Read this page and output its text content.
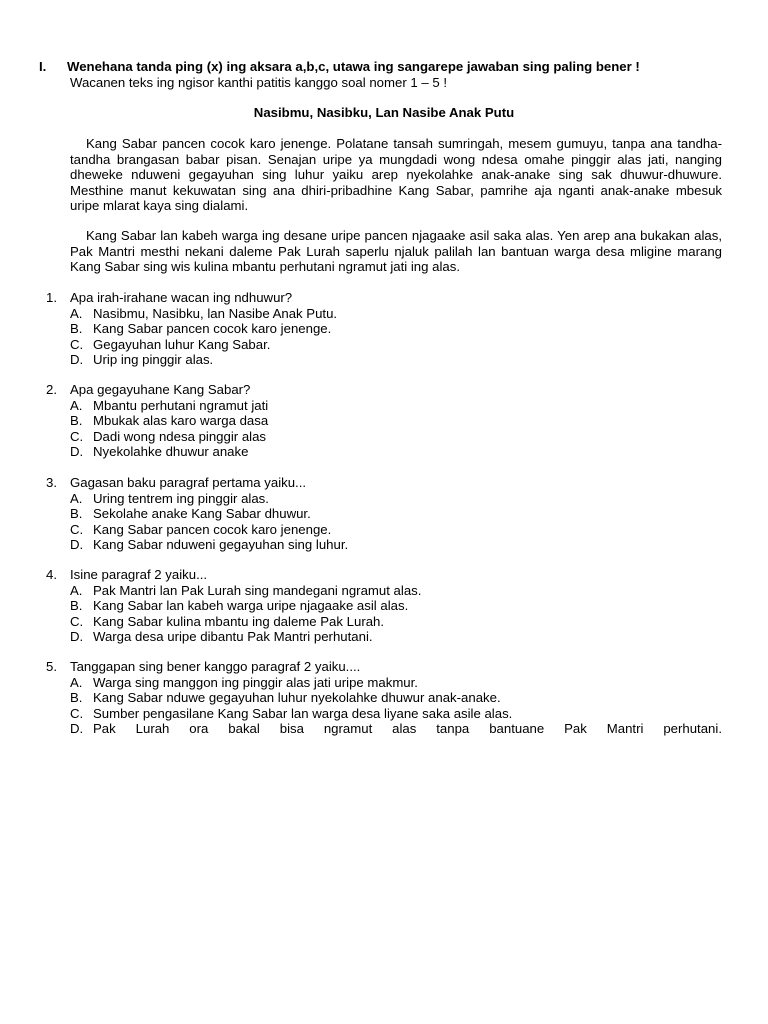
I. Wenehana tanda ping (x) ing aksara a,b,c, utawa ing sangarepe jawaban sing paling bener !
Wacanen teks ing ngisor kanthi patitis kanggo soal nomer 1 – 5 !
Nasibmu, Nasibku, Lan Nasibe Anak Putu

Kang Sabar pancen cocok karo jenenge. Polatane tansah sumringah, mesem gumuyu, tanpa ana tandha-tandha brangasan babar pisan. Senajan uripe ya mungdadi wong ndesa omahe pinggir alas jati, nanging dheweke nduweni gegayuhan sing luhur yaiku arep nyekolahke anak-anake sing sak dhuwur-dhuwure. Mesthine manut kekuwatan sing ana dhiri-pribadhine Kang Sabar, pamrihe aja nganti anak-anake mbesuk uripe mlarat kaya sing dialami.

Kang Sabar lan kabeh warga ing desane uripe pancen njagaake asil saka alas. Yen arep ana bukakan alas, Pak Mantri mesthi nekani daleme Pak Lurah saperlu njaluk palilah lan bantuan warga desa mligine marang Kang Sabar sing wis kulina mbantu perhutani ngramut jati ing alas.

1. Apa irah-irahane wacan ing ndhuwur?
A. Nasibmu, Nasibku, lan Nasibe Anak Putu.
B. Kang Sabar pancen cocok karo jenenge.
C. Gegayuhan luhur Kang Sabar.
D. Urip ing pinggir alas.
2. Apa gegayuhane Kang Sabar?
A. Mbantu perhutani ngramut jati
B. Mbukak alas karo warga dasa
C. Dadi wong ndesa pinggir alas
D. Nyekolahke dhuwur anake
3. Gagasan baku paragraf pertama yaiku...
A. Uring tentrem ing pinggir alas.
B. Sekolahe anake Kang Sabar dhuwur.
C. Kang Sabar pancen cocok karo jenenge.
D. Kang Sabar nduweni gegayuhan sing luhur.
4. Isine paragraf 2 yaiku...
A. Pak Mantri lan Pak Lurah sing mandegani ngramut alas.
B. Kang Sabar lan kabeh warga uripe njagaake asil alas.
C. Kang Sabar kulina mbantu ing daleme Pak Lurah.
D. Warga desa uripe dibantu Pak Mantri perhutani.
5. Tanggapan sing bener kanggo paragraf 2 yaiku....
A. Warga sing manggon ing pinggir alas jati uripe makmur.
B. Kang Sabar nduwe gegayuhan luhur nyekolahke dhuwur anak-anake.
C. Sumber pengasilane Kang Sabar lan warga desa liyane saka asile alas.
D. Pak Lurah ora bakal bisa ngramut alas tanpa bantuane Pak Mantri perhutani.
